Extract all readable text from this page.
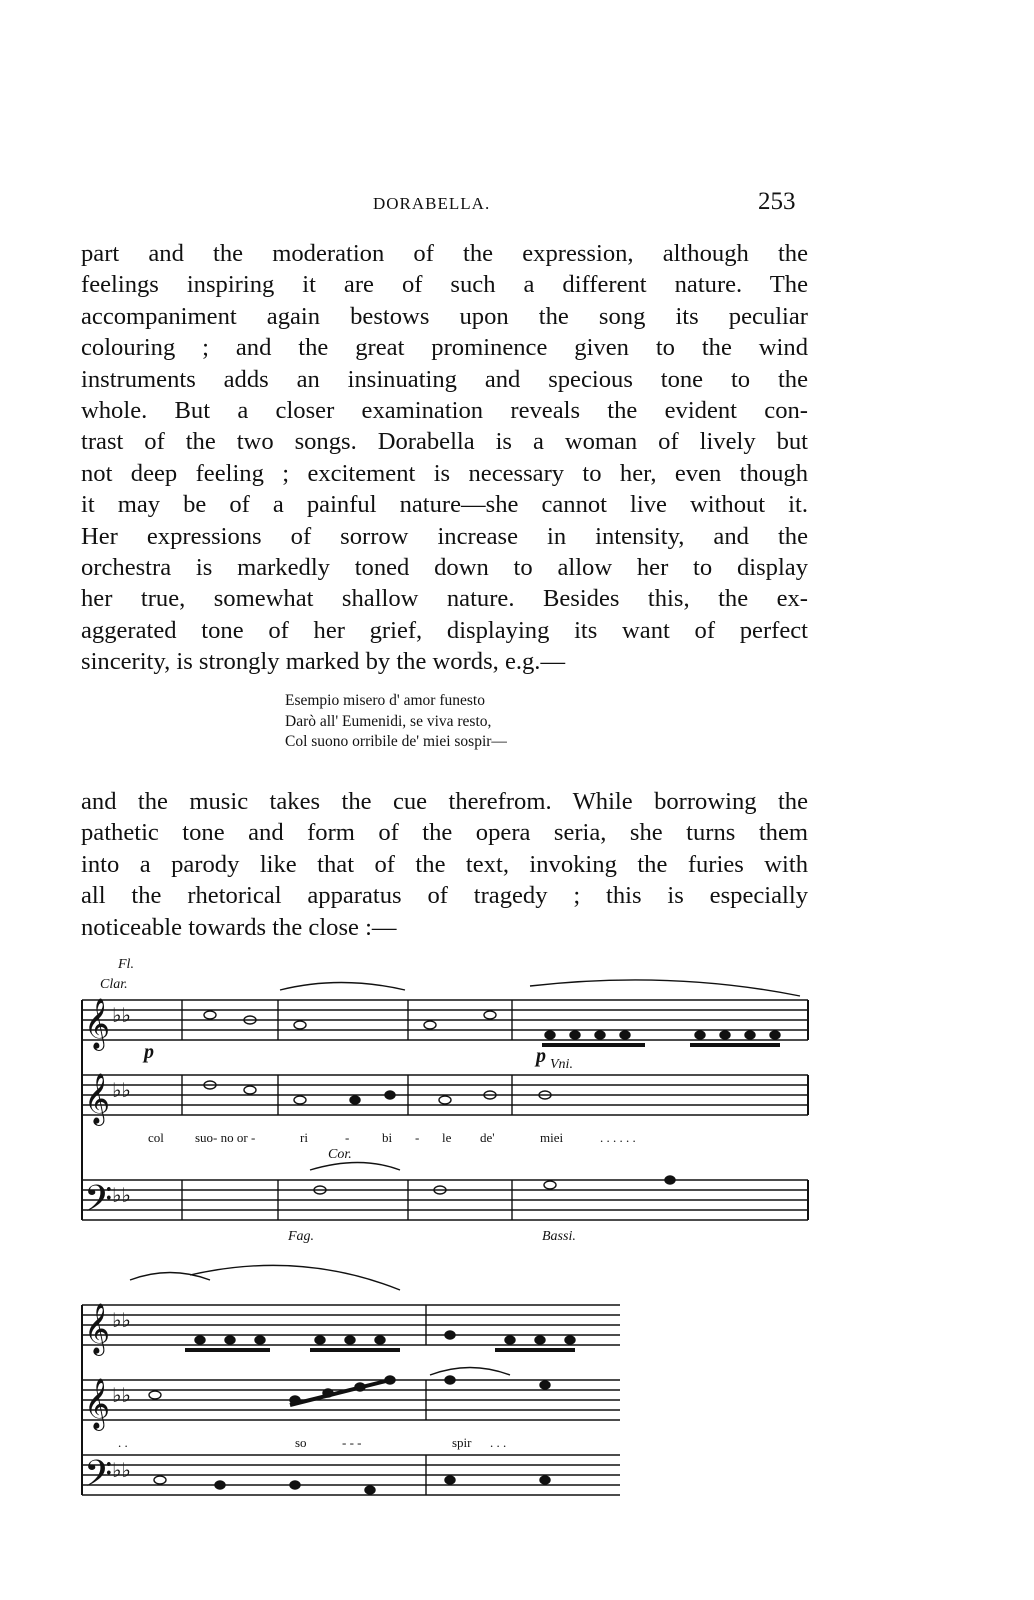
DORABELLA.	253
part and the moderation of the expression, although the
feelings inspiring it are of such a different nature. The
accompaniment again bestows upon the song its peculiar
colouring ; and the great prominence given to the wind
instruments adds an insinuating and specious tone to the
whole. But a closer examination reveals the evident con-
trast of the two songs. Dorabella is a woman of lively but
not deep feeling ; excitement is necessary to her, even though
it may be of a painful nature—she cannot live without it.
Her expressions of sorrow increase in intensity, and the
orchestra is markedly toned down to allow her to display
her true, somewhat shallow nature. Besides this, the ex-
aggerated tone of her grief, displaying its want of perfect
sincerity, is strongly marked by the words, e.g.—
Esempio misero d' amor funesto
Darò all' Eumenidi, se viva resto,
Col suono orribile de' miei sospir—
and the music takes the cue therefrom. While borrowing the
pathetic tone and form of the opera seria, she turns them
into a parody like that of the text, invoking the furies with
all the rhetorical apparatus of tragedy ; this is especially
noticeable towards the close :—
𝄞
𝄞
𝄢
𝄞
𝄞
𝄢
♭♭
♭♭
♭♭
♭♭
♭♭
♭♭
Fl.
Clar.
Cor.
Fag.	Bassi.
Vni.
p	p
col suo- no or -	ri	-	bi - le de'	miei	. . . . . .
. .	so	- - -	spir . . .
